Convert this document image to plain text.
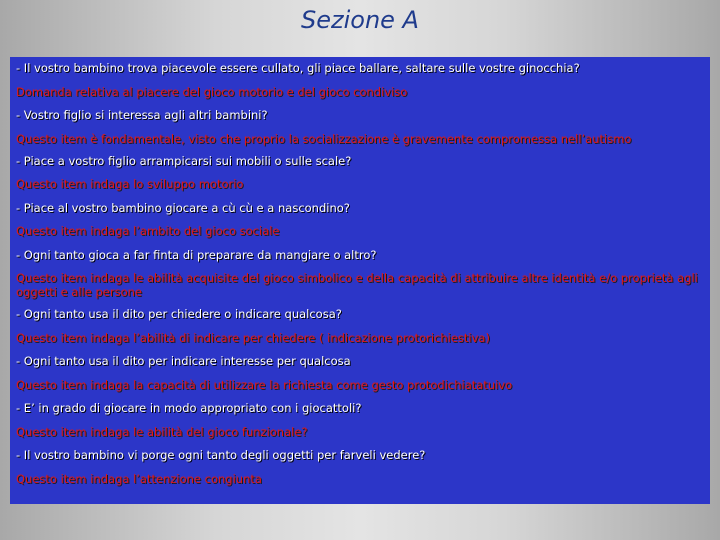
Sezione A
- Il vostro bambino trova piacevole essere cullato, gli piace ballare, saltare sulle vostre ginocchia?
Domanda relativa al piacere del gioco motorio e del gioco condiviso
- Vostro figlio si interessa agli altri bambini?
Questo item è fondamentale, visto che proprio la socializzazione è gravemente compromessa nell’autismo
- Piace a vostro figlio arrampicarsi sui mobili o sulle scale?
Questo item indaga lo sviluppo motorio
- Piace al vostro bambino giocare a cù cù e a nascondino?
Questo item indaga l’ambito del gioco sociale
- Ogni tanto gioca a far finta di preparare da mangiare o altro?
Questo item indaga le abilità acquisite del gioco simbolico e della capacità di attribuire altre identità e/o proprietà agli oggetti e alle persone
- Ogni tanto usa il dito per chiedere o indicare qualcosa?
Questo item indaga l’abilità di indicare per chiedere ( indicazione protorichiestiva)
- Ogni tanto usa il dito per indicare interesse per qualcosa
Questo item indaga la capacità di utilizzare la richiesta come gesto protodichiatatuivo
- E’ in grado di giocare in modo appropriato con i giocattoli?
Questo item indaga le abilità del gioco funzionale?
- Il vostro bambino vi porge ogni tanto degli oggetti per farveli vedere?
Questo item indaga l’attenzione congiunta
